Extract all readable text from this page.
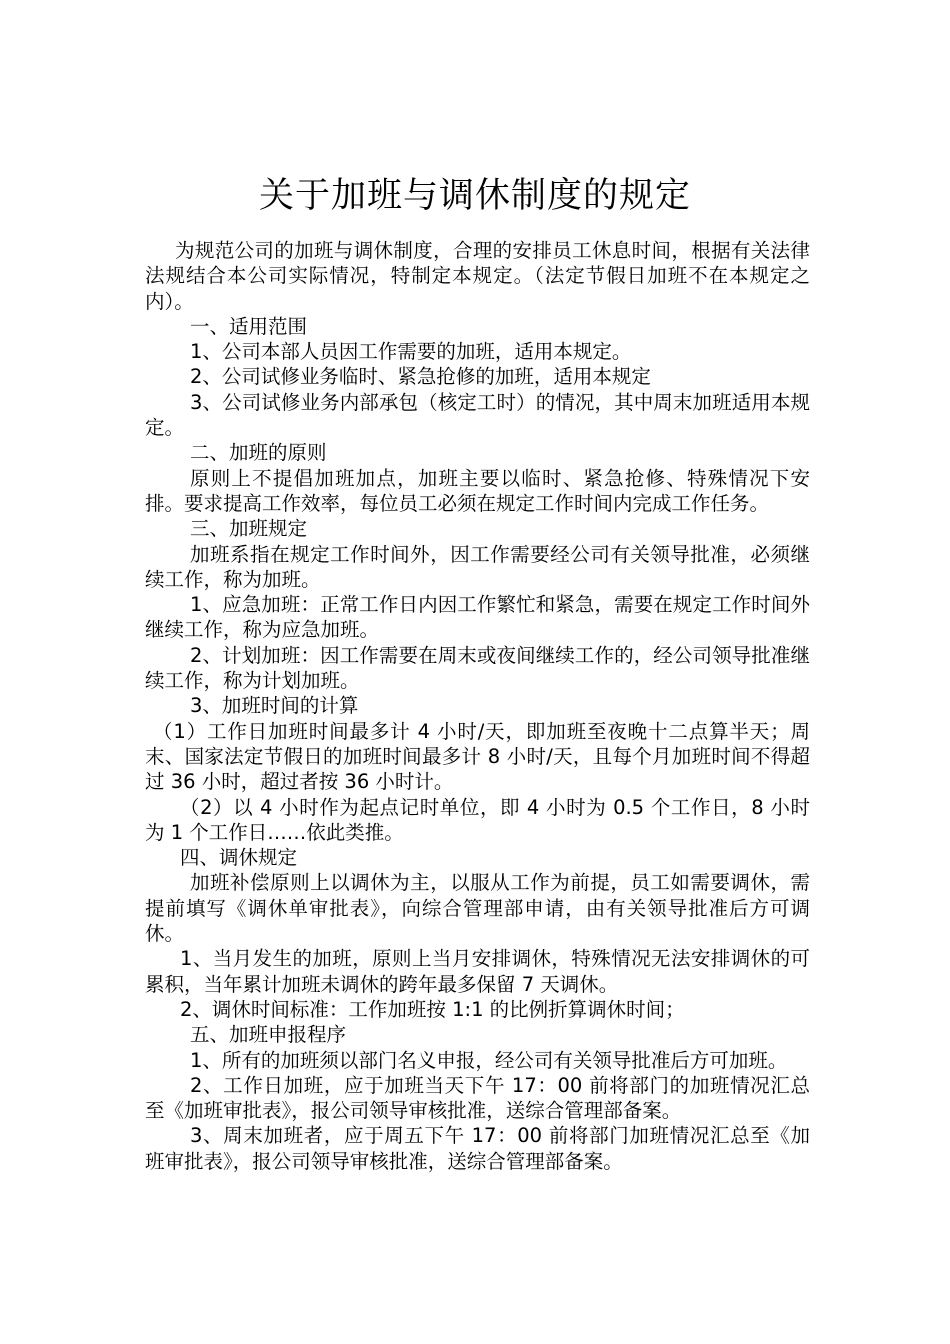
关于加班与调休制度的规定

为规范公司的加班与调休制度，合理的安排员工休息时间，根据有关法律法规结合本公司实际情况，特制定本规定。（法定节假日加班不在本规定之内）。

一、适用范围

1、公司本部人员因工作需要的加班，适用本规定。

2、公司试修业务临时、紧急抢修的加班，适用本规定

3、公司试修业务内部承包（核定工时）的情况，其中周末加班适用本规定。

二、加班的原则

原则上不提倡加班加点，加班主要以临时、紧急抢修、特殊情况下安排。要求提高工作效率，每位员工必须在规定工作时间内完成工作任务。

三、加班规定

加班系指在规定工作时间外，因工作需要经公司有关领导批准，必须继续工作，称为加班。

1、应急加班：正常工作日内因工作繁忙和紧急，需要在规定工作时间外继续工作，称为应急加班。

2、计划加班：因工作需要在周末或夜间继续工作的，经公司领导批准继续工作，称为计划加班。

3、加班时间的计算

（1）工作日加班时间最多计 4 小时/天，即加班至夜晚十二点算半天；周末、国家法定节假日的加班时间最多计 8 小时/天，且每个月加班时间不得超过 36 小时，超过者按 36 小时计。

（2）以 4 小时作为起点记时单位，即 4 小时为 0.5 个工作日，8 小时为 1 个工作日……依此类推。

四、调休规定

加班补偿原则上以调休为主，以服从工作为前提，员工如需要调休，需提前填写《调休单审批表》，向综合管理部申请，由有关领导批准后方可调休。

1、当月发生的加班，原则上当月安排调休，特殊情况无法安排调休的可累积，当年累计加班未调休的跨年最多保留 7 天调休。

2、调休时间标准：工作加班按 1:1 的比例折算调休时间；

五、加班申报程序

1、所有的加班须以部门名义申报，经公司有关领导批准后方可加班。

2、工作日加班，应于加班当天下午 17：00 前将部门的加班情况汇总至《加班审批表》，报公司领导审核批准，送综合管理部备案。

3、周末加班者，应于周五下午 17：00 前将部门加班情况汇总至《加班审批表》，报公司领导审核批准，送综合管理部备案。
